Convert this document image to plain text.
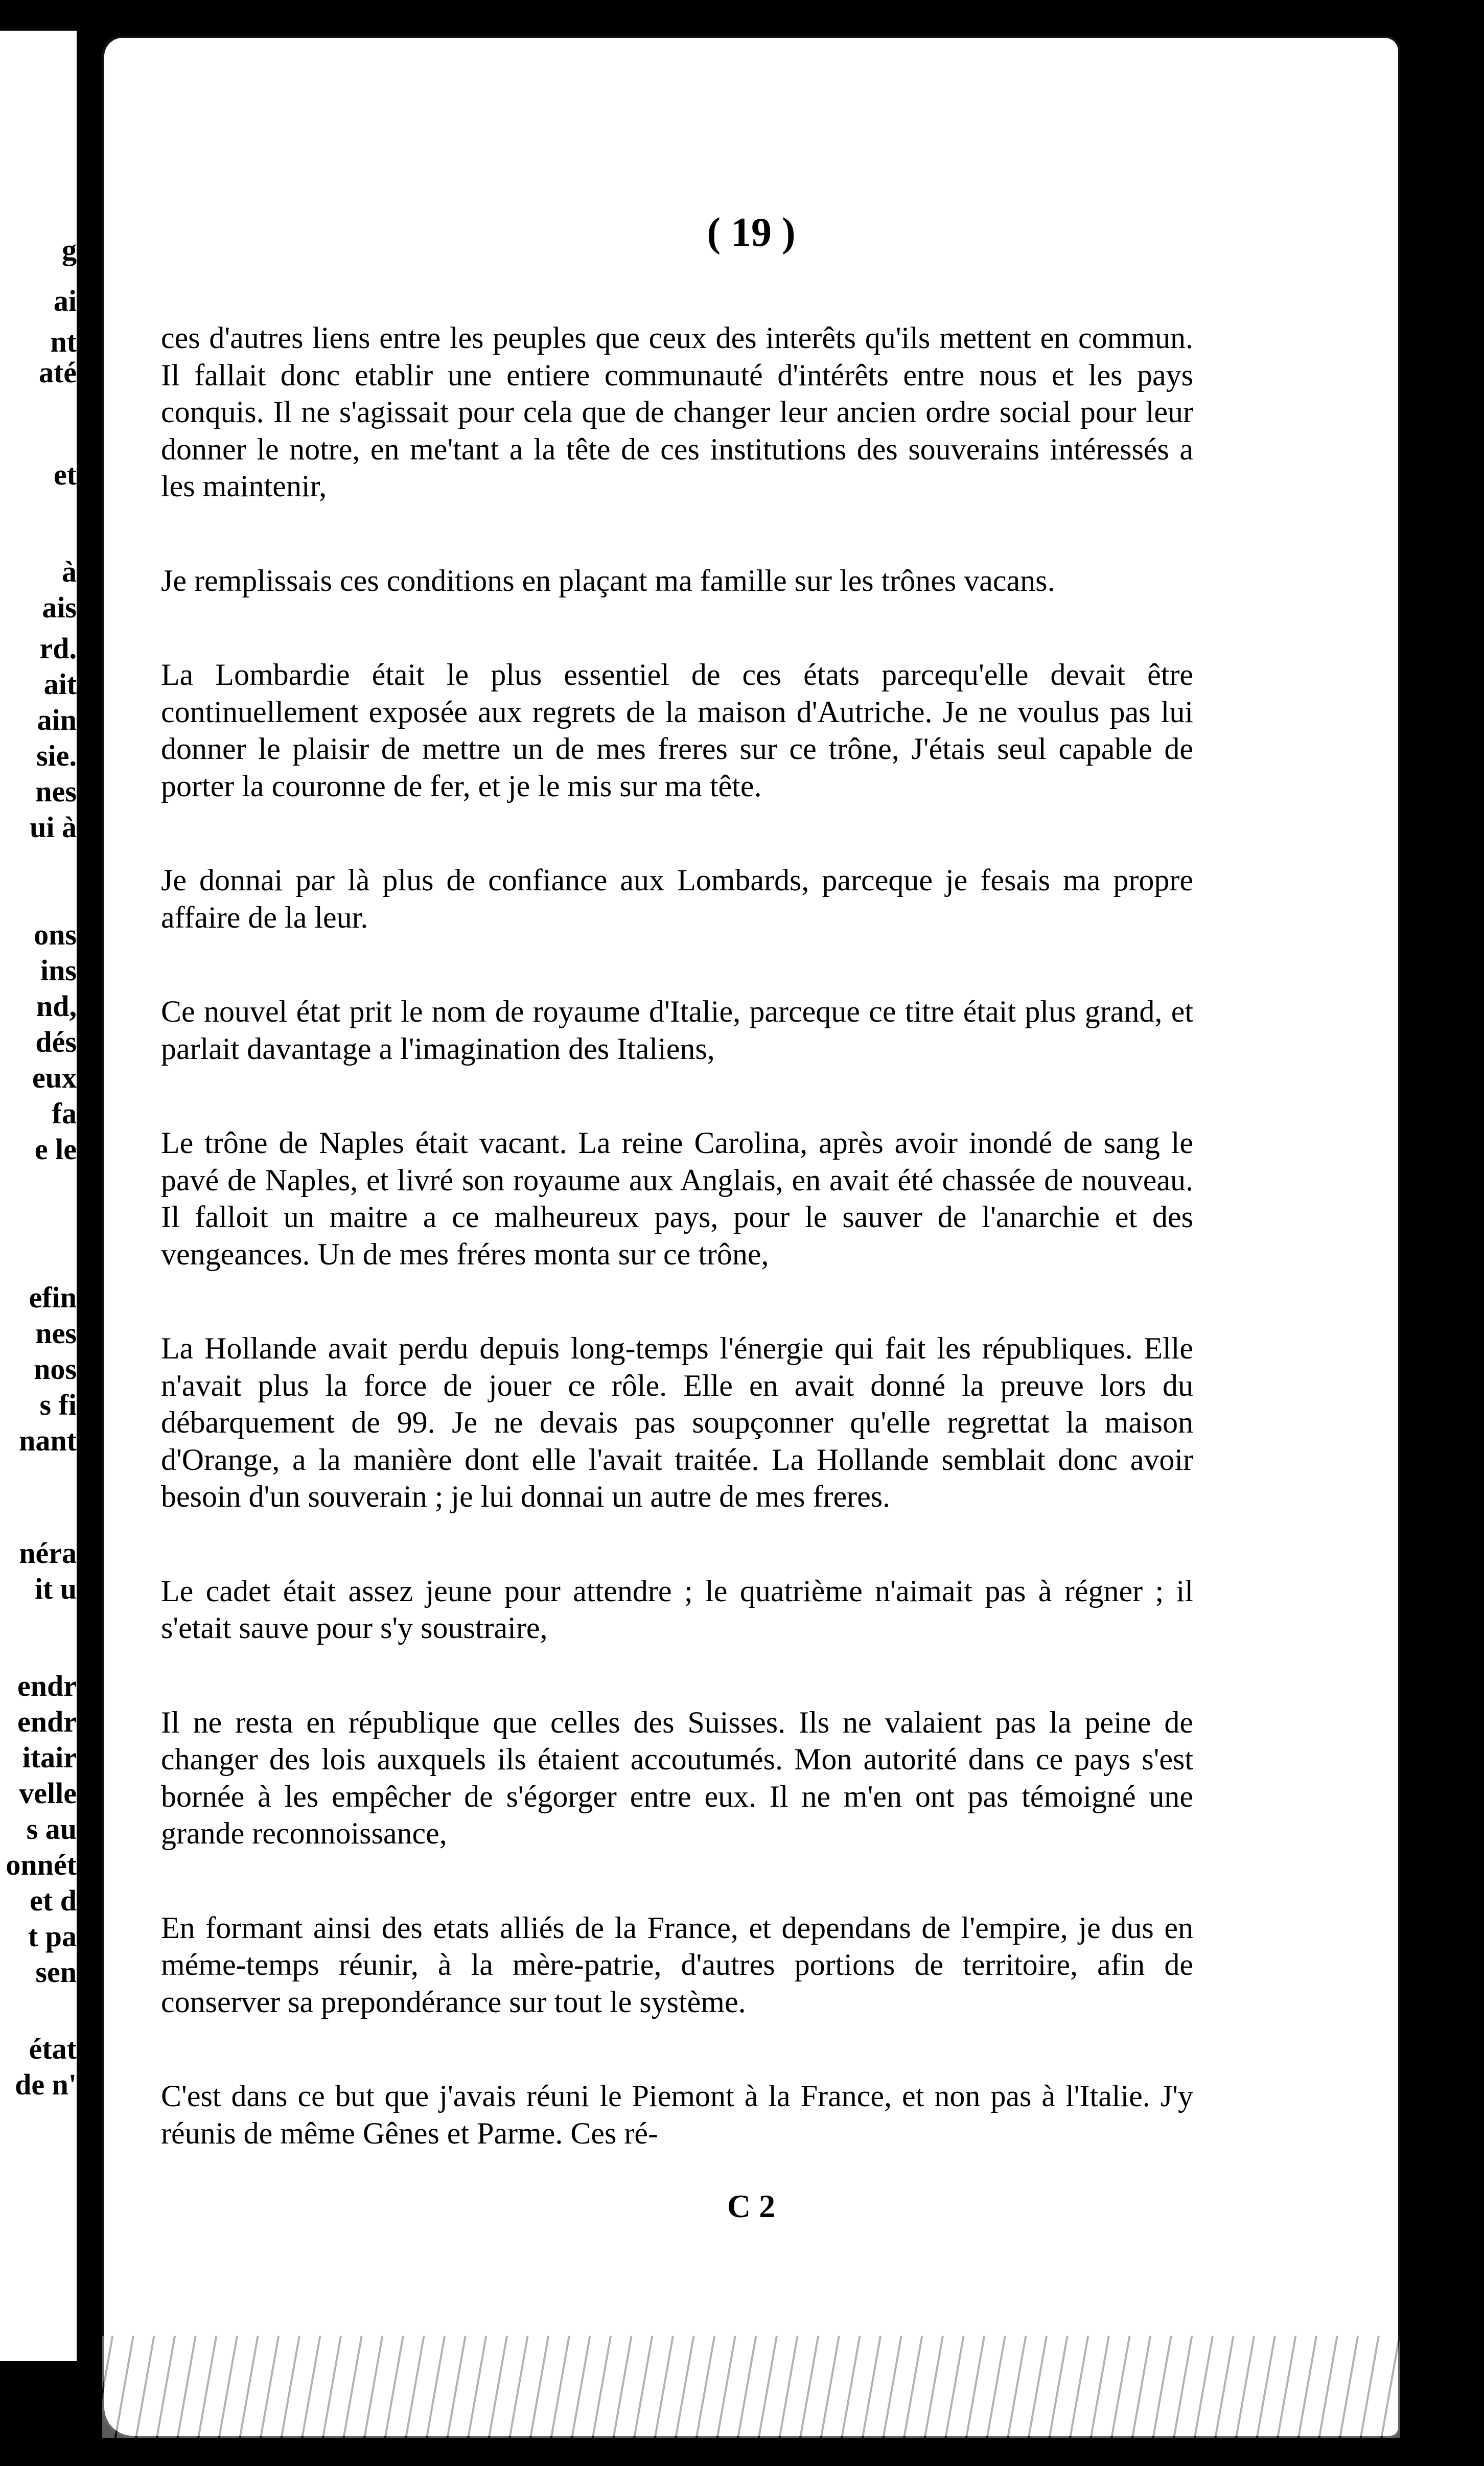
g

ai

nt

até

et

à

ais

rd.

ait

ain

sie.

nes

ui à

ons

ins

nd,

dés

eux

fa

e le

efin

nes

nos

s fi

nant

néra

it u

endr

endr

itair

velle

s au

onnét

et d

t pa

sen

état

de n'

( 19 )

ces d'autres liens entre les peuples que ceux des interêts qu'ils mettent en commun. Il fallait donc etablir une entiere communauté d'intérêts entre nous et les pays conquis. Il ne s'agissait pour cela que de changer leur ancien ordre social pour leur donner le notre, en me'tant a la tête de ces institutions des souverains intéressés a les maintenir,

Je remplissais ces conditions en plaçant ma famille sur les trônes vacans.

La Lombardie était le plus essentiel de ces états parcequ'elle devait être continuellement exposée aux regrets de la maison d'Autriche. Je ne voulus pas lui donner le plaisir de mettre un de mes freres sur ce trône, J'étais seul capable de porter la couronne de fer, et je le mis sur ma tête.

Je donnai par là plus de confiance aux Lombards, parceque je fesais ma propre affaire de la leur.

Ce nouvel état prit le nom de royaume d'Italie, parceque ce titre était plus grand, et parlait davantage a l'imagination des Italiens,

Le trône de Naples était vacant. La reine Carolina, après avoir inondé de sang le pavé de Naples, et livré son royaume aux Anglais, en avait été chassée de nouveau. Il falloit un maitre a ce malheureux pays, pour le sauver de l'anarchie et des vengeances. Un de mes fréres monta sur ce trône,

La Hollande avait perdu depuis long-temps l'énergie qui fait les républiques. Elle n'avait plus la force de jouer ce rôle. Elle en avait donné la preuve lors du débarquement de 99. Je ne devais pas soupçonner qu'elle regrettat la maison d'Orange, a la manière dont elle l'avait traitée. La Hollande semblait donc avoir besoin d'un souverain ; je lui donnai un autre de mes freres.

Le cadet était assez jeune pour attendre ; le quatrième n'aimait pas à régner ; il s'etait sauve pour s'y soustraire,

Il ne resta en république que celles des Suisses. Ils ne valaient pas la peine de changer des lois auxquels ils étaient accoutumés. Mon autorité dans ce pays s'est bornée à les empêcher de s'égorger entre eux. Il ne m'en ont pas témoigné une grande reconnoissance,

En formant ainsi des etats alliés de la France, et dependans de l'empire, je dus en méme-temps réunir, à la mère-patrie, d'autres portions de territoire, afin de conserver sa prepondérance sur tout le système.

C'est dans ce but que j'avais réuni le Piemont à la France, et non pas à l'Italie. J'y réunis de même Gênes et Parme. Ces ré-

C 2
